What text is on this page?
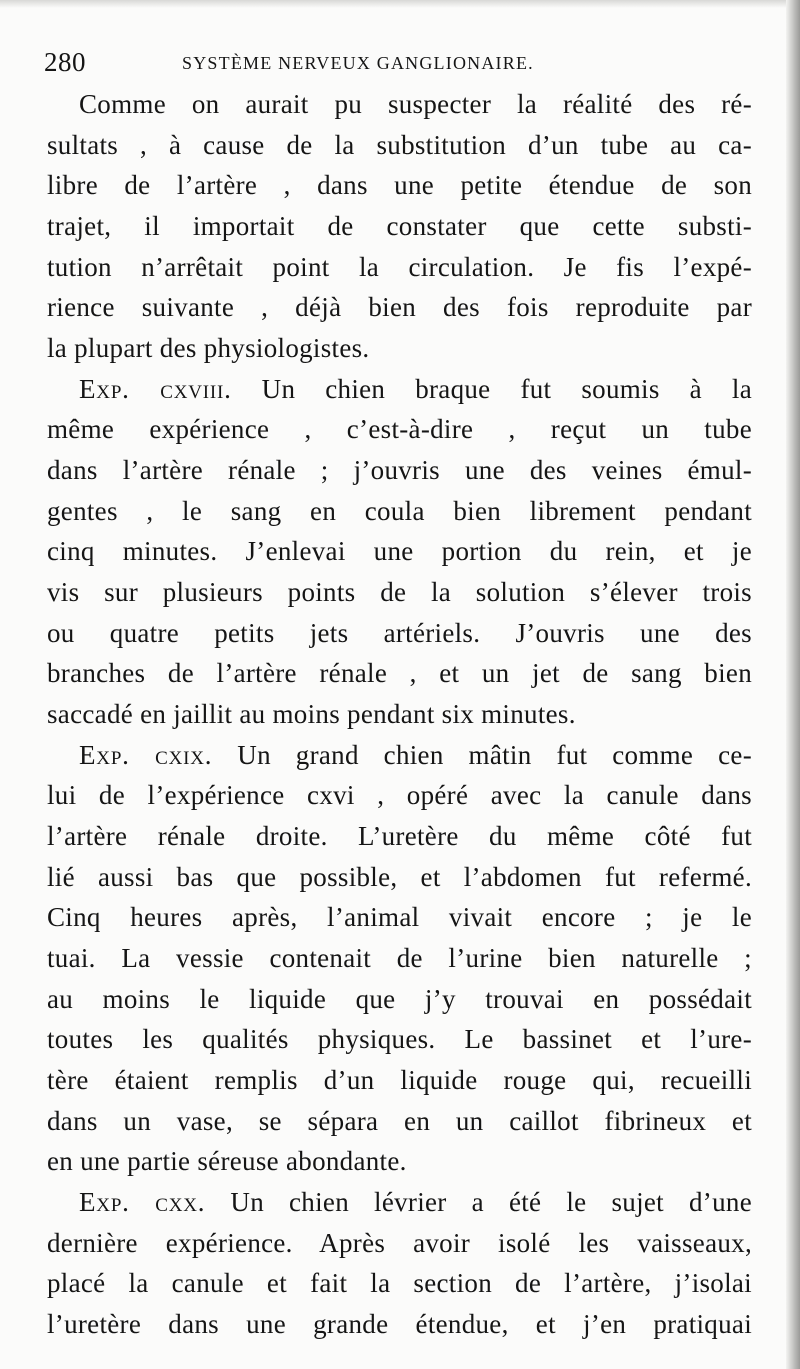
280	SYSTÈME NERVEUX GANGLIONAIRE.
Comme on aurait pu suspecter la réalité des ré-
sultats , à cause de la substitution d’un tube au ca-
libre de l’artère , dans une petite étendue de son
trajet, il importait de constater que cette substi-
tution n’arrêtait point la circulation. Je fis l’expé-
rience suivante , déjà bien des fois reproduite par
la plupart des physiologistes.
Exp. cxviii. Un chien braque fut soumis à la
même expérience , c’est-à-dire , reçut un tube
dans l’artère rénale ; j’ouvris une des veines émul-
gentes , le sang en coula bien librement pendant
cinq minutes. J’enlevai une portion du rein, et je
vis sur plusieurs points de la solution s’élever trois
ou quatre petits jets artériels. J’ouvris une des
branches de l’artère rénale , et un jet de sang bien
saccadé en jaillit au moins pendant six minutes.
Exp. cxix. Un grand chien mâtin fut comme ce-
lui de l’expérience cxvi , opéré avec la canule dans
l’artère rénale droite. L’uretère du même côté fut
lié aussi bas que possible, et l’abdomen fut refermé.
Cinq heures après, l’animal vivait encore ; je le
tuai. La vessie contenait de l’urine bien naturelle ;
au moins le liquide que j’y trouvai en possédait
toutes les qualités physiques. Le bassinet et l’ure-
tère étaient remplis d’un liquide rouge qui, recueilli
dans un vase, se sépara en un caillot fibrineux et
en une partie séreuse abondante.
Exp. cxx. Un chien lévrier a été le sujet d’une
dernière expérience. Après avoir isolé les vaisseaux,
placé la canule et fait la section de l’artère, j’isolai
l’uretère dans une grande étendue, et j’en pratiquai
